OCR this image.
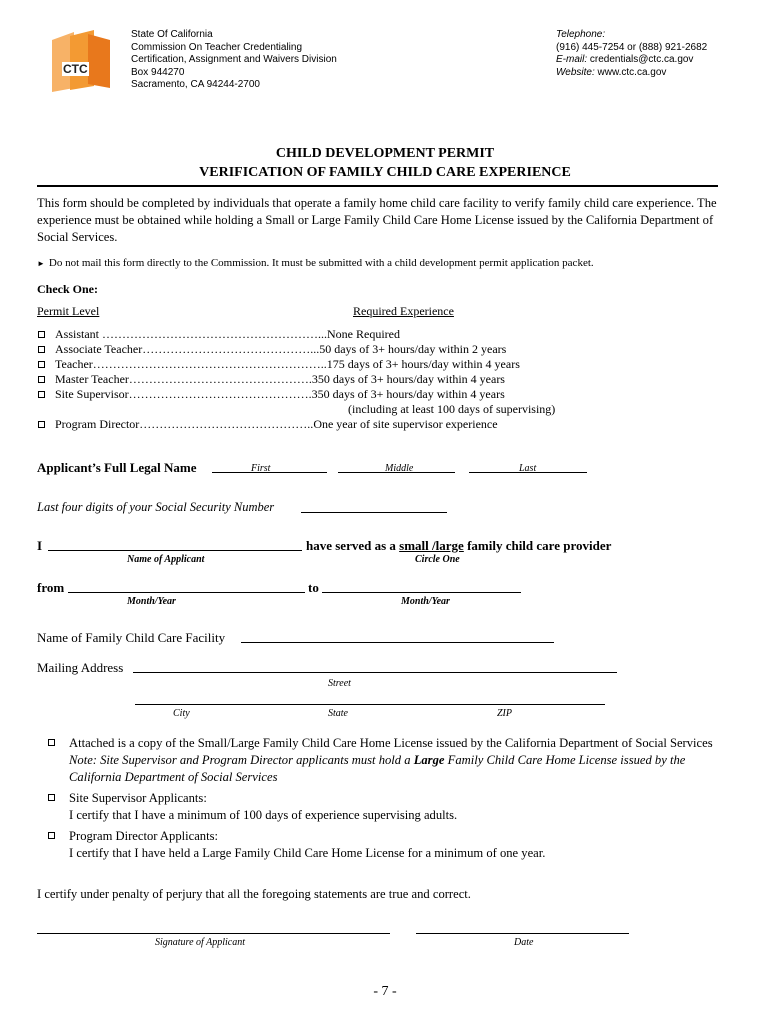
CTC
State Of California
Commission On Teacher Credentialing
Certification, Assignment and Waivers Division
Box 944270
Sacramento, CA 94244-2700
Telephone:
(916) 445-7254 or (888) 921-2682
E-mail: credentials@ctc.ca.gov
Website: www.ctc.ca.gov
CHILD DEVELOPMENT PERMIT
VERIFICATION OF FAMILY CHILD CARE EXPERIENCE
This form should be completed by individuals that operate a family home child care facility to verify family child care experience. The experience must be obtained while holding a Small or Large Family Child Care Home License issued by the California Department of Social Services.
► Do not mail this form directly to the Commission. It must be submitted with a child development permit application packet.
Check One:
Permit Level	Required Experience
Assistant ………………………………………………...None Required
Associate Teacher……………………………………...50 days of 3+ hours/day within 2 years
Teacher…………………………………………………..175 days of 3+ hours/day within 4 years
Master Teacher……………………………………….350 days of 3+ hours/day within 4 years
Site Supervisor……………………………………….350 days of 3+ hours/day within 4 years
(including at least 100 days of supervising)
Program Director……………………………………..One year of site supervisor experience
Applicant’s Full Legal Name	First	Middle	Last
Last four digits of your Social Security Number
I	have served as a small /large family child care provider
Name of Applicant	Circle One
from	to
Month/Year	Month/Year
Name of Family Child Care Facility
Mailing Address
Street
City	State	ZIP
Attached is a copy of the Small/Large Family Child Care Home License issued by the California Department of Social Services Note: Site Supervisor and Program Director applicants must hold a Large Family Child Care Home License issued by the California Department of Social Services
Site Supervisor Applicants:
I certify that I have a minimum of 100 days of experience supervising adults.
Program Director Applicants:
I certify that I have held a Large Family Child Care Home License for a minimum of one year.
I certify under penalty of perjury that all the foregoing statements are true and correct.
Signature of Applicant	Date
- 7 -
